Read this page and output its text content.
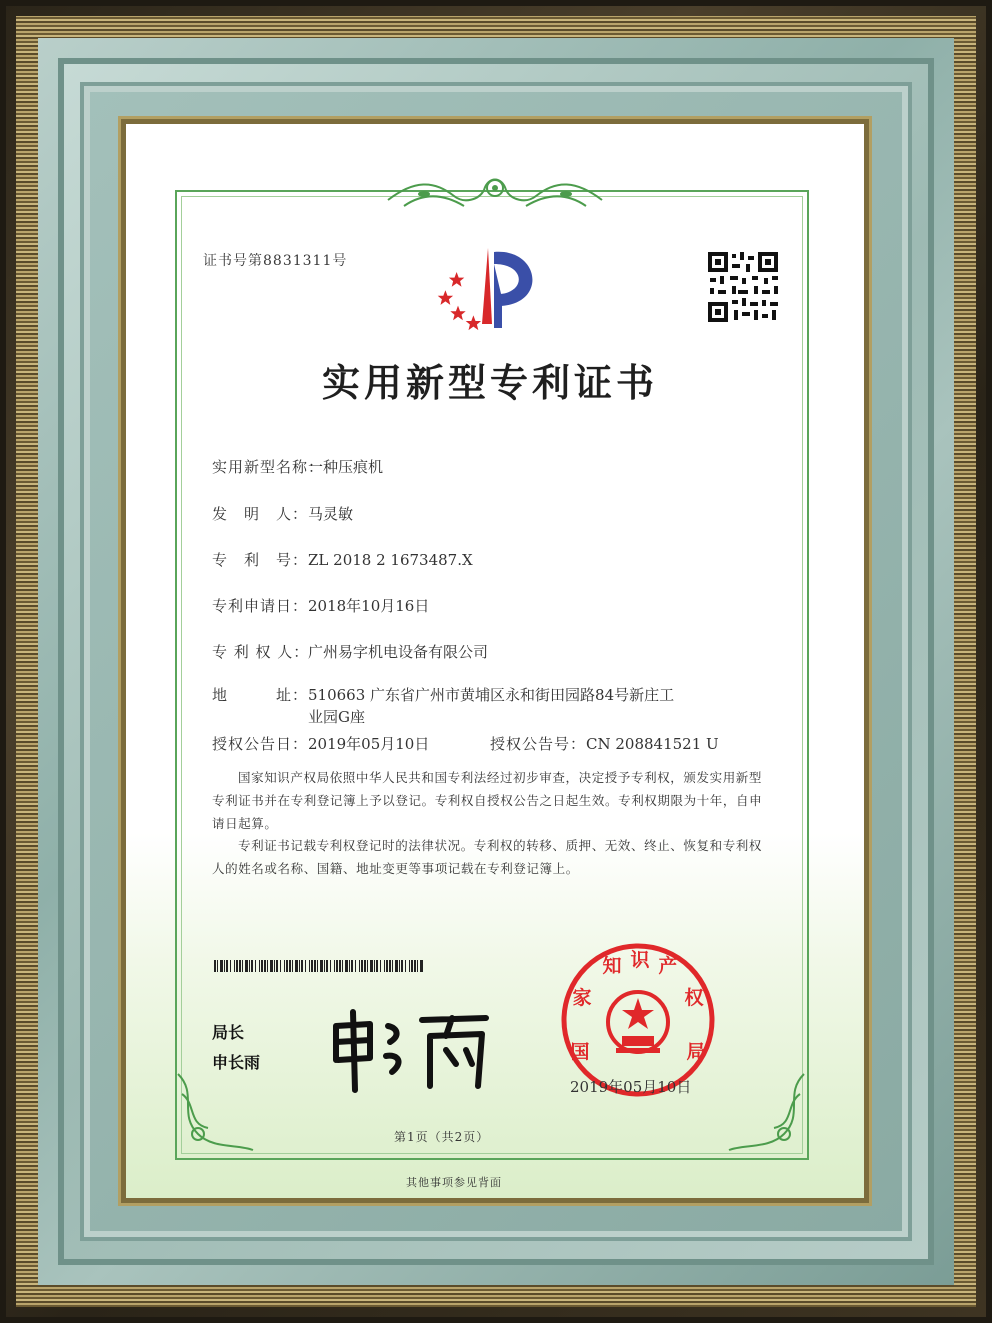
证书号第8831311号
实用新型专利证书
实用新型名称：一种压痕机
发　明　人：马灵敏
专　利　号：ZL 2018 2 1673487.X
专利申请日：2018年10月16日
专 利 权 人：广州易字机电设备有限公司
地　　　址：510663 广东省广州市黄埔区永和街田园路84号新庄工业园G座
授权公告日：2019年05月10日	授权公告号：CN 208841521 U
国家知识产权局依照中华人民共和国专利法经过初步审查，决定授予专利权，颁发实用新型专利证书并在专利登记簿上予以登记。专利权自授权公告之日起生效。专利权期限为十年，自申请日起算。
专利证书记载专利权登记时的法律状况。专利权的转移、质押、无效、终止、恢复和专利权人的姓名或名称、国籍、地址变更等事项记载在专利登记簿上。
局长
申长雨	国
家
知 识 产
权
局
2019年05月10日
第1页（共2页）
其他事项参见背面
